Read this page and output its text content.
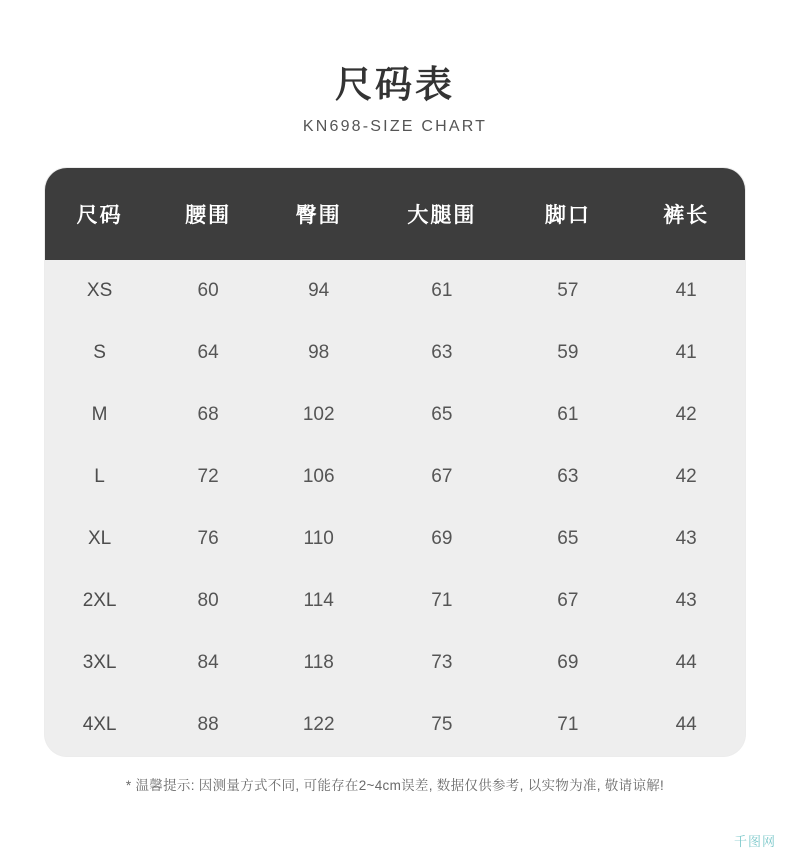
尺码表
KN698-SIZE CHART
尺码	腰围	臀围	大腿围	脚口	裤长
XS	60	94	61	57	41
S	64	98	63	59	41
M	68	102	65	61	42
L	72	106	67	63	42
XL	76	110	69	65	43
2XL	80	114	71	67	43
3XL	84	118	73	69	44
4XL	88	122	75	71	44
* 温馨提示: 因测量方式不同, 可能存在2~4cm误差, 数据仅供参考, 以实物为准, 敬请谅解!
千图网
